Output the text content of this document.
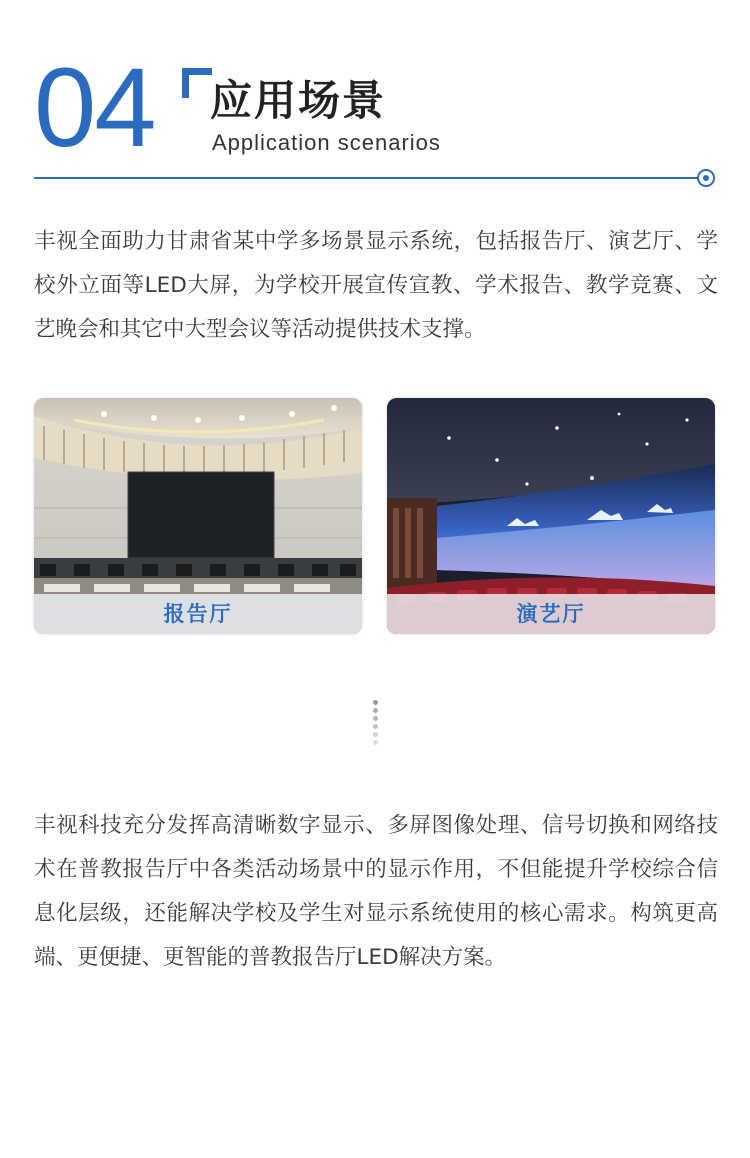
04 应用场景
Application scenarios

丰视全面助力甘肃省某中学多场景显示系统，包括报告厅、演艺厅、学校外立面等LED大屏，为学校开展宣传宣教、学术报告、教学竞赛、文艺晚会和其它中大型会议等活动提供技术支撑。

报告厅	演艺厅

丰视科技充分发挥高清晰数字显示、多屏图像处理、信号切换和网络技术在普教报告厅中各类活动场景中的显示作用，不但能提升学校综合信息化层级，还能解决学校及学生对显示系统使用的核心需求。构筑更高端、更便捷、更智能的普教报告厅LED解决方案。
